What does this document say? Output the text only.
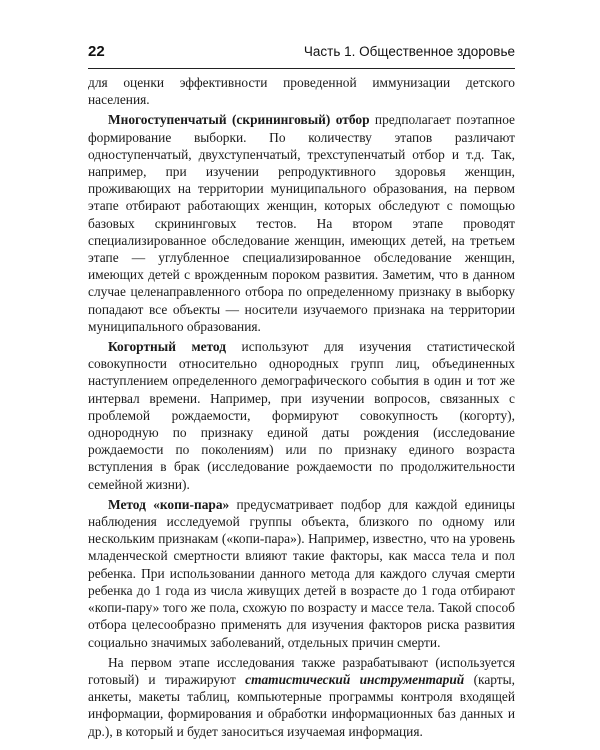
22	Часть 1. Общественное здоровье

для оценки эффективности проведенной иммунизации детского населения.

Многоступенчатый (скрининговый) отбор предполагает поэтапное формирование выборки. По количеству этапов различают одноступенчатый, двухступенчатый, трехступенчатый отбор и т.д. Так, например, при изучении репродуктивного здоровья женщин, проживающих на территории муниципального образования, на первом этапе отбирают работающих женщин, которых обследуют с помощью базовых скрининговых тестов. На втором этапе проводят специализированное обследование женщин, имеющих детей, на третьем этапе — углубленное специализированное обследование женщин, имеющих детей с врожденным пороком развития. Заметим, что в данном случае целенаправленного отбора по определенному признаку в выборку попадают все объекты — носители изучаемого признака на территории муниципального образования.

Когортный метод используют для изучения статистической совокупности относительно однородных групп лиц, объединенных наступлением определенного демографического события в один и тот же интервал времени. Например, при изучении вопросов, связанных с проблемой рождаемости, формируют совокупность (когорту), однородную по признаку единой даты рождения (исследование рождаемости по поколениям) или по признаку единого возраста вступления в брак (исследование рождаемости по продолжительности семейной жизни).

Метод «копи-пара» предусматривает подбор для каждой единицы наблюдения исследуемой группы объекта, близкого по одному или нескольким признакам («копи-пара»). Например, известно, что на уровень младенческой смертности влияют такие факторы, как масса тела и пол ребенка. При использовании данного метода для каждого случая смерти ребенка до 1 года из числа живущих детей в возрасте до 1 года отбирают «копи-пару» того же пола, схожую по возрасту и массе тела. Такой способ отбора целесообразно применять для изучения факторов риска развития социально значимых заболеваний, отдельных причин смерти.

На первом этапе исследования также разрабатывают (используется готовый) и тиражируют статистический инструментарий (карты, анкеты, макеты таблиц, компьютерные программы контроля входящей информации, формирования и обработки информационных баз данных и др.), в который и будет заноситься изучаемая информация.
